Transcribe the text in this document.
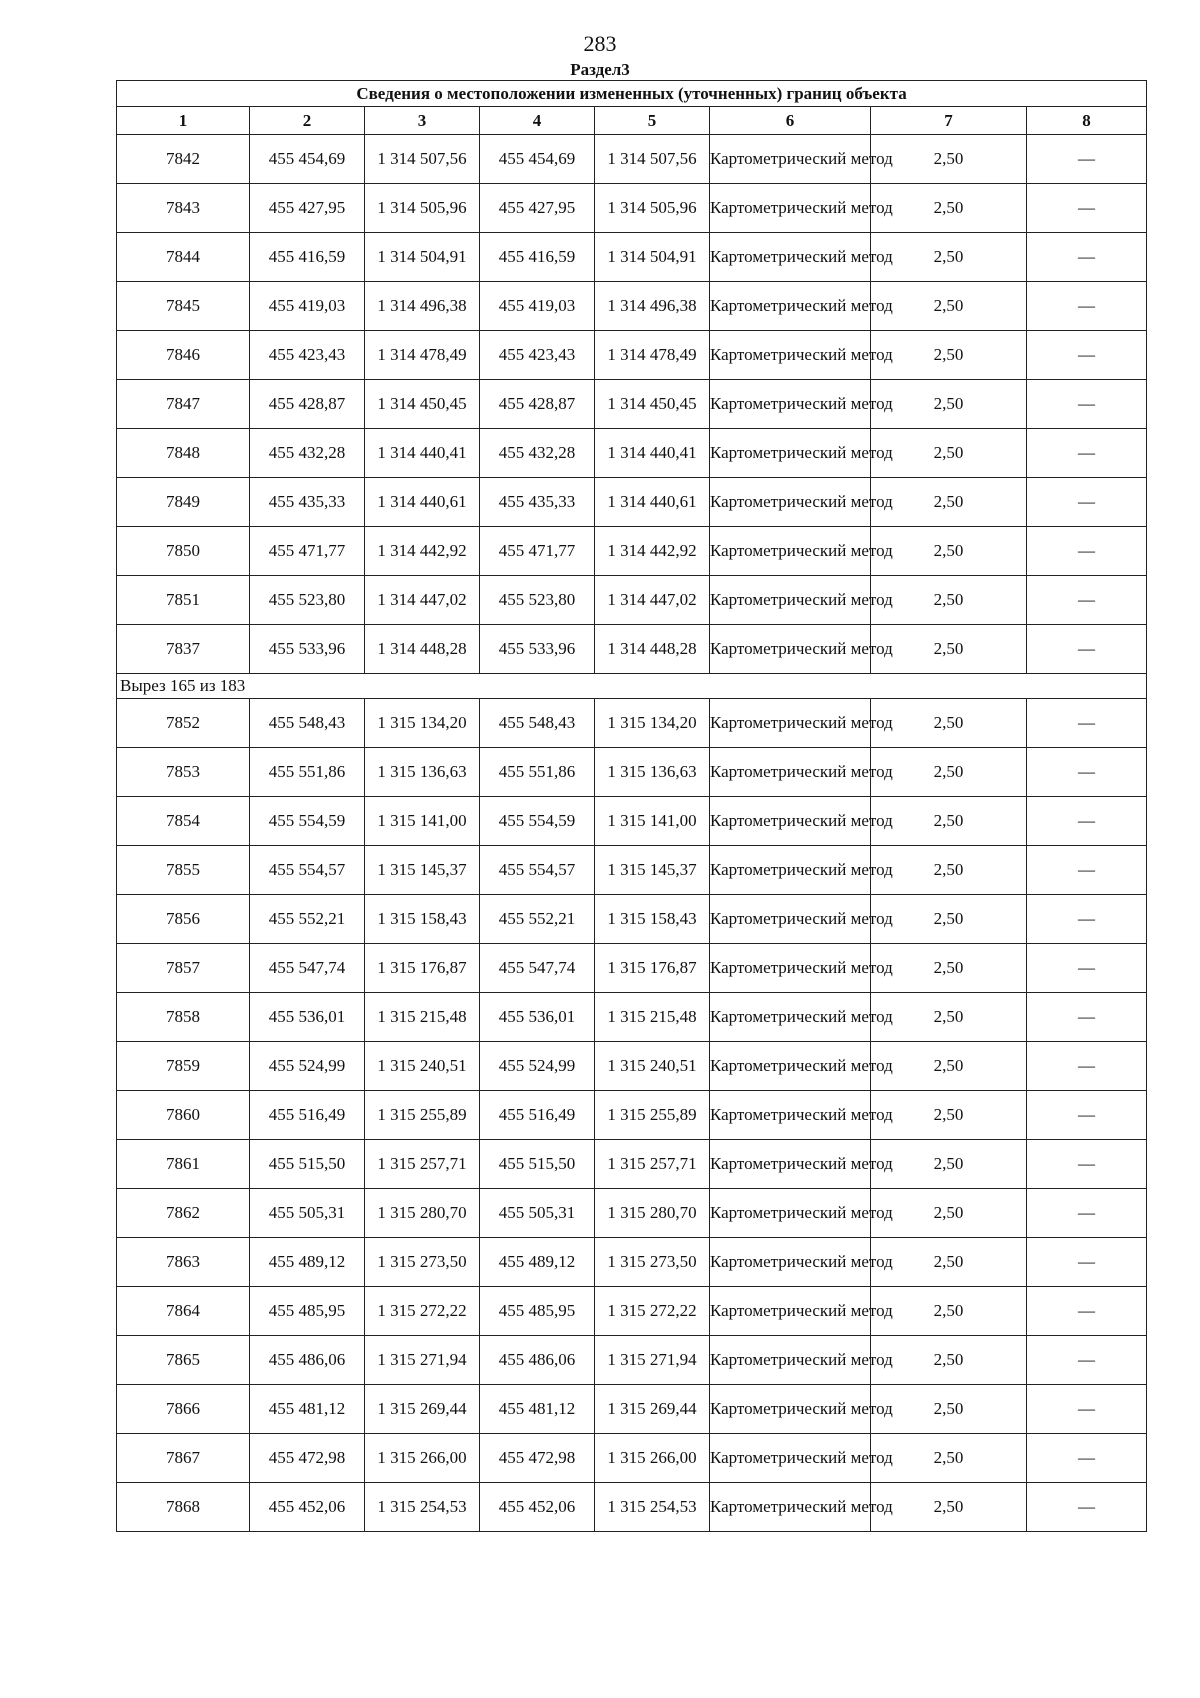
283
Раздел3
Сведения о местоположении измененных (уточненных) границ объекта							
1	2	3	4	5	6	7	8
7842	455 454,69	1 314 507,56	455 454,69	1 314 507,56	Картометрический метод	2,50	—
7843	455 427,95	1 314 505,96	455 427,95	1 314 505,96	Картометрический метод	2,50	—
7844	455 416,59	1 314 504,91	455 416,59	1 314 504,91	Картометрический метод	2,50	—
7845	455 419,03	1 314 496,38	455 419,03	1 314 496,38	Картометрический метод	2,50	—
7846	455 423,43	1 314 478,49	455 423,43	1 314 478,49	Картометрический метод	2,50	—
7847	455 428,87	1 314 450,45	455 428,87	1 314 450,45	Картометрический метод	2,50	—
7848	455 432,28	1 314 440,41	455 432,28	1 314 440,41	Картометрический метод	2,50	—
7849	455 435,33	1 314 440,61	455 435,33	1 314 440,61	Картометрический метод	2,50	—
7850	455 471,77	1 314 442,92	455 471,77	1 314 442,92	Картометрический метод	2,50	—
7851	455 523,80	1 314 447,02	455 523,80	1 314 447,02	Картометрический метод	2,50	—
7837	455 533,96	1 314 448,28	455 533,96	1 314 448,28	Картометрический метод	2,50	—
Вырез 165 из 183							
7852	455 548,43	1 315 134,20	455 548,43	1 315 134,20	Картометрический метод	2,50	—
7853	455 551,86	1 315 136,63	455 551,86	1 315 136,63	Картометрический метод	2,50	—
7854	455 554,59	1 315 141,00	455 554,59	1 315 141,00	Картометрический метод	2,50	—
7855	455 554,57	1 315 145,37	455 554,57	1 315 145,37	Картометрический метод	2,50	—
7856	455 552,21	1 315 158,43	455 552,21	1 315 158,43	Картометрический метод	2,50	—
7857	455 547,74	1 315 176,87	455 547,74	1 315 176,87	Картометрический метод	2,50	—
7858	455 536,01	1 315 215,48	455 536,01	1 315 215,48	Картометрический метод	2,50	—
7859	455 524,99	1 315 240,51	455 524,99	1 315 240,51	Картометрический метод	2,50	—
7860	455 516,49	1 315 255,89	455 516,49	1 315 255,89	Картометрический метод	2,50	—
7861	455 515,50	1 315 257,71	455 515,50	1 315 257,71	Картометрический метод	2,50	—
7862	455 505,31	1 315 280,70	455 505,31	1 315 280,70	Картометрический метод	2,50	—
7863	455 489,12	1 315 273,50	455 489,12	1 315 273,50	Картометрический метод	2,50	—
7864	455 485,95	1 315 272,22	455 485,95	1 315 272,22	Картометрический метод	2,50	—
7865	455 486,06	1 315 271,94	455 486,06	1 315 271,94	Картометрический метод	2,50	—
7866	455 481,12	1 315 269,44	455 481,12	1 315 269,44	Картометрический метод	2,50	—
7867	455 472,98	1 315 266,00	455 472,98	1 315 266,00	Картометрический метод	2,50	—
7868	455 452,06	1 315 254,53	455 452,06	1 315 254,53	Картометрический метод	2,50	—
